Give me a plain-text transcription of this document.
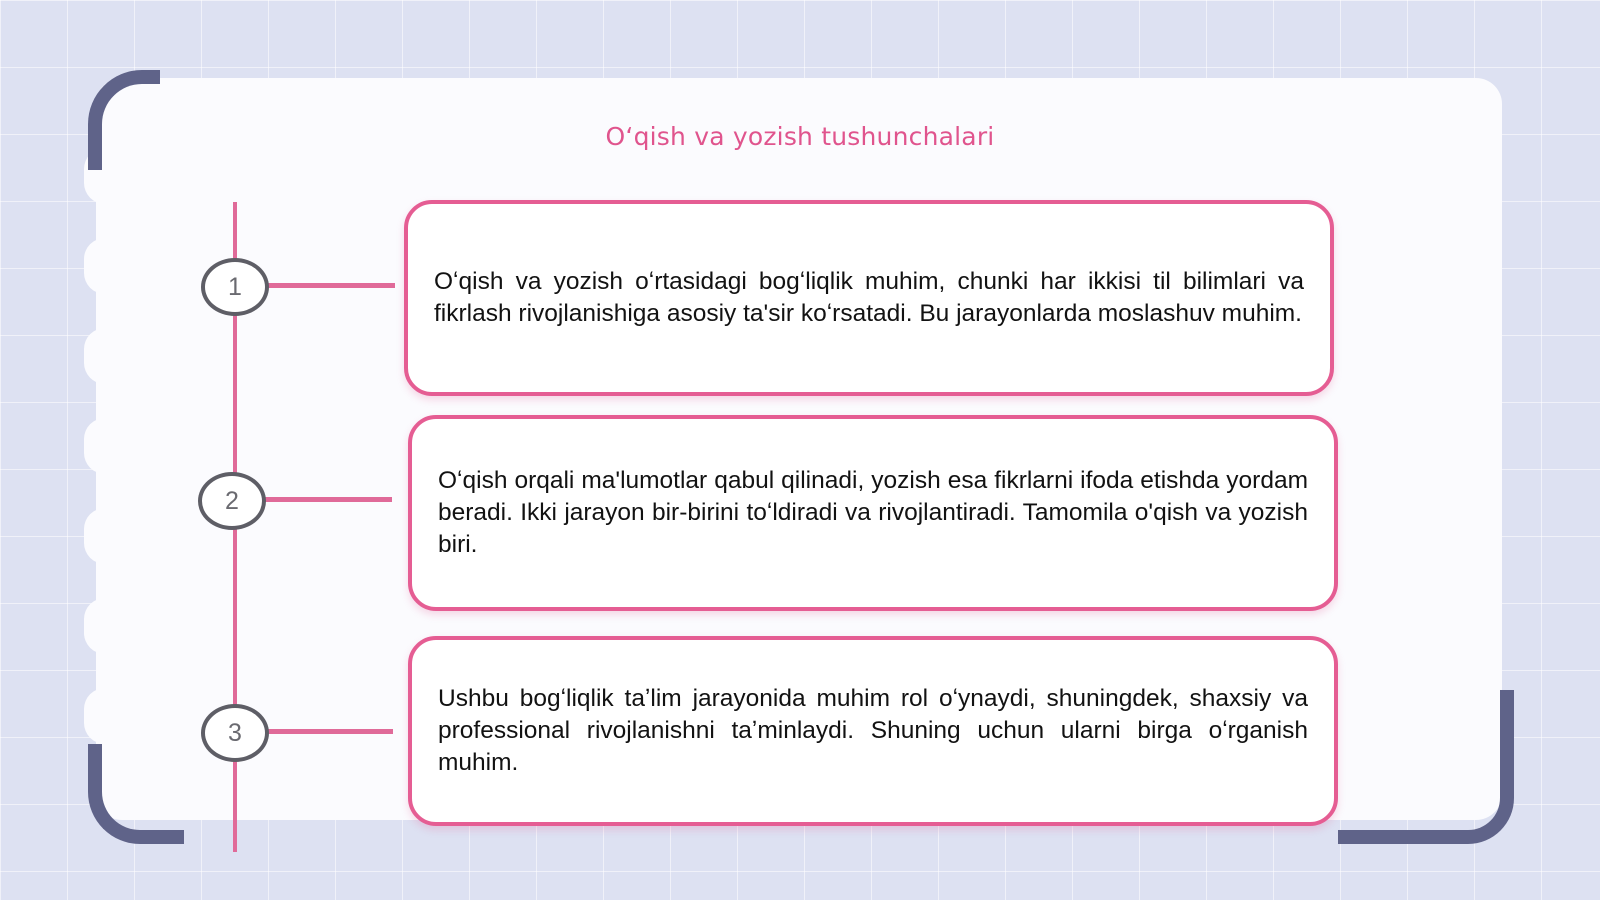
Oʻqish va yozish tushunchalari
1
2
3

Oʻqish va yozish oʻrtasidagi bogʻliqlik muhim, chunki har ikkisi til bilimlari va fikrlash rivojlanishiga asosiy ta'sir koʻrsatadi. Bu jarayonlarda moslashuv muhim.

Oʻqish orqali ma'lumotlar qabul qilinadi, yozish esa fikrlarni ifoda etishda yordam beradi. Ikki jarayon bir-birini toʻldiradi va rivojlantiradi. Tamomila o'qish va yozish biri.

Ushbu bogʻliqlik taʼlim jarayonida muhim rol oʻynaydi, shuningdek, shaxsiy va professional rivojlanishni taʼminlaydi. Shuning uchun ularni birga oʻrganish muhim.
